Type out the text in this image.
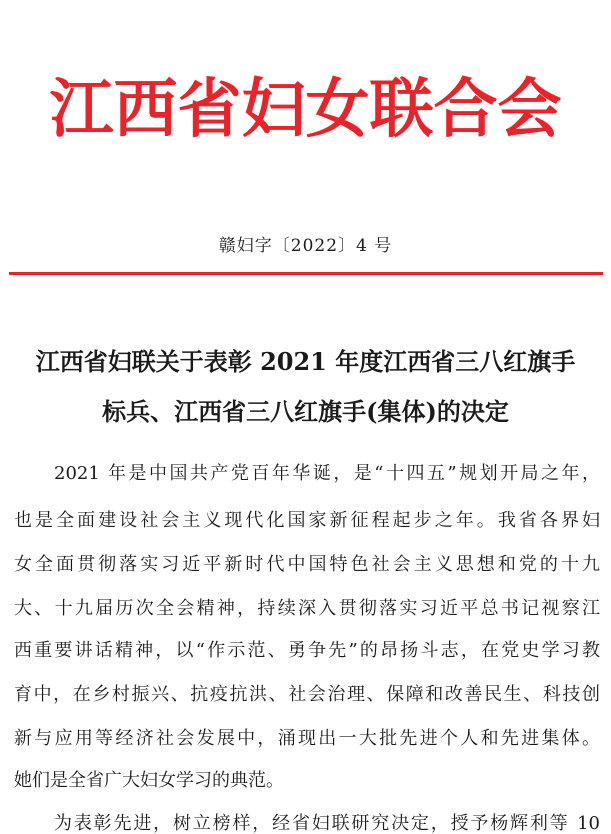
江西省妇女联合会
赣妇字〔2022〕4 号
江西省妇联关于表彰 2021 年度江西省三八红旗手
标兵、江西省三八红旗手(集体)的决定
2021 年是中国共产党百年华诞，是“十四五”规划开局之年，
也是全面建设社会主义现代化国家新征程起步之年。我省各界妇
女全面贯彻落实习近平新时代中国特色社会主义思想和党的十九
大、十九届历次全会精神，持续深入贯彻落实习近平总书记视察江
西重要讲话精神，以“作示范、勇争先”的昂扬斗志，在党史学习教
育中，在乡村振兴、抗疫抗洪、社会治理、保障和改善民生、科技创
新与应用等经济社会发展中，涌现出一大批先进个人和先进集体。
她们是全省广大妇女学习的典范。
为表彰先进，树立榜样，经省妇联研究决定，授予杨辉利等 10
